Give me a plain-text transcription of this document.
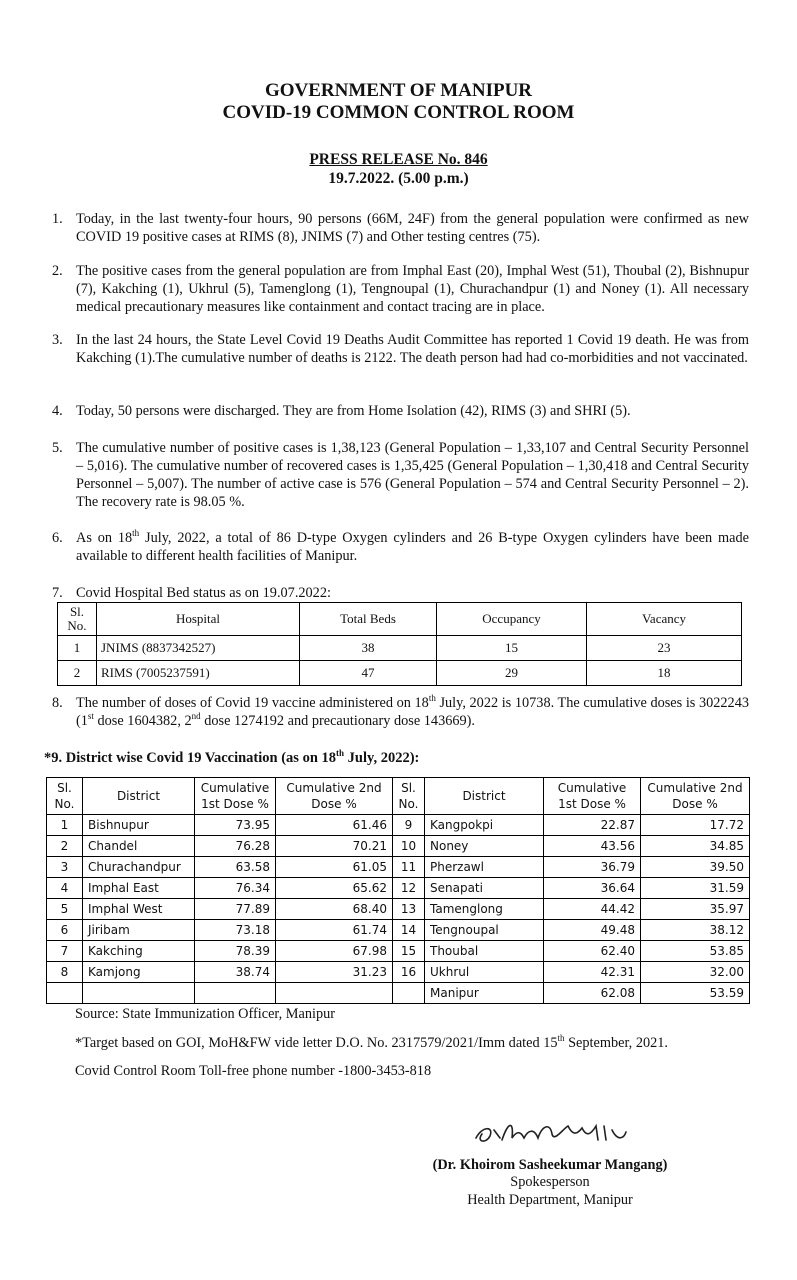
GOVERNMENT OF MANIPUR
COVID-19 COMMON CONTROL ROOM
PRESS RELEASE No. 846
19.7.2022. (5.00 p.m.)
1. Today, in the last twenty-four hours, 90 persons (66M, 24F) from the general population were confirmed as new COVID 19 positive cases at RIMS (8), JNIMS (7) and Other testing centres (75).
2. The positive cases from the general population are from Imphal East (20), Imphal West (51), Thoubal (2), Bishnupur (7), Kakching (1), Ukhrul (5), Tamenglong (1), Tengnoupal (1), Churachandpur (1) and Noney (1). All necessary medical precautionary measures like containment and contact tracing are in place.
3. In the last 24 hours, the State Level Covid 19 Deaths Audit Committee has reported 1 Covid 19 death. He was from Kakching (1).The cumulative number of deaths is 2122. The death person had had co-morbidities and not vaccinated.
4. Today, 50 persons were discharged. They are from Home Isolation (42), RIMS (3) and SHRI (5).
5. The cumulative number of positive cases is 1,38,123 (General Population – 1,33,107 and Central Security Personnel – 5,016). The cumulative number of recovered cases is 1,35,425 (General Population – 1,30,418 and Central Security Personnel – 5,007). The number of active case is 576 (General Population – 574 and Central Security Personnel – 2). The recovery rate is 98.05 %.
6. As on 18th July, 2022, a total of 86 D-type Oxygen cylinders and 26 B-type Oxygen cylinders have been made available to different health facilities of Manipur.
7. Covid Hospital Bed status as on 19.07.2022:
Sl. No.	Hospital	Total Beds	Occupancy	Vacancy
1	JNIMS (8837342527)	38	15	23
2	RIMS (7005237591)	47	29	18
8. The number of doses of Covid 19 vaccine administered on 18th July, 2022 is 10738. The cumulative doses is 3022243 (1st dose 1604382, 2nd dose 1274192 and precautionary dose 143669).
*9. District wise Covid 19 Vaccination (as on 18th July, 2022):
Sl. No.	District	Cumulative 1st Dose %	Cumulative 2nd Dose %	Sl. No.	District	Cumulative 1st Dose %	Cumulative 2nd Dose %
1	Bishnupur	73.95	61.46	9	Kangpokpi	22.87	17.72
2	Chandel	76.28	70.21	10	Noney	43.56	34.85
3	Churachandpur	63.58	61.05	11	Pherzawl	36.79	39.50
4	Imphal East	76.34	65.62	12	Senapati	36.64	31.59
5	Imphal West	77.89	68.40	13	Tamenglong	44.42	35.97
6	Jiribam	73.18	61.74	14	Tengnoupal	49.48	38.12
7	Kakching	78.39	67.98	15	Thoubal	62.40	53.85
8	Kamjong	38.74	31.23	16	Ukhrul	42.31	32.00
					Manipur	62.08	53.59
Source: State Immunization Officer, Manipur
*Target based on GOI, MoH&FW vide letter D.O. No. 2317579/2021/Imm dated 15th September, 2021.
Covid Control Room Toll-free phone number -1800-3453-818
(Dr. Khoirom Sasheekumar Mangang)
Spokesperson
Health Department, Manipur
